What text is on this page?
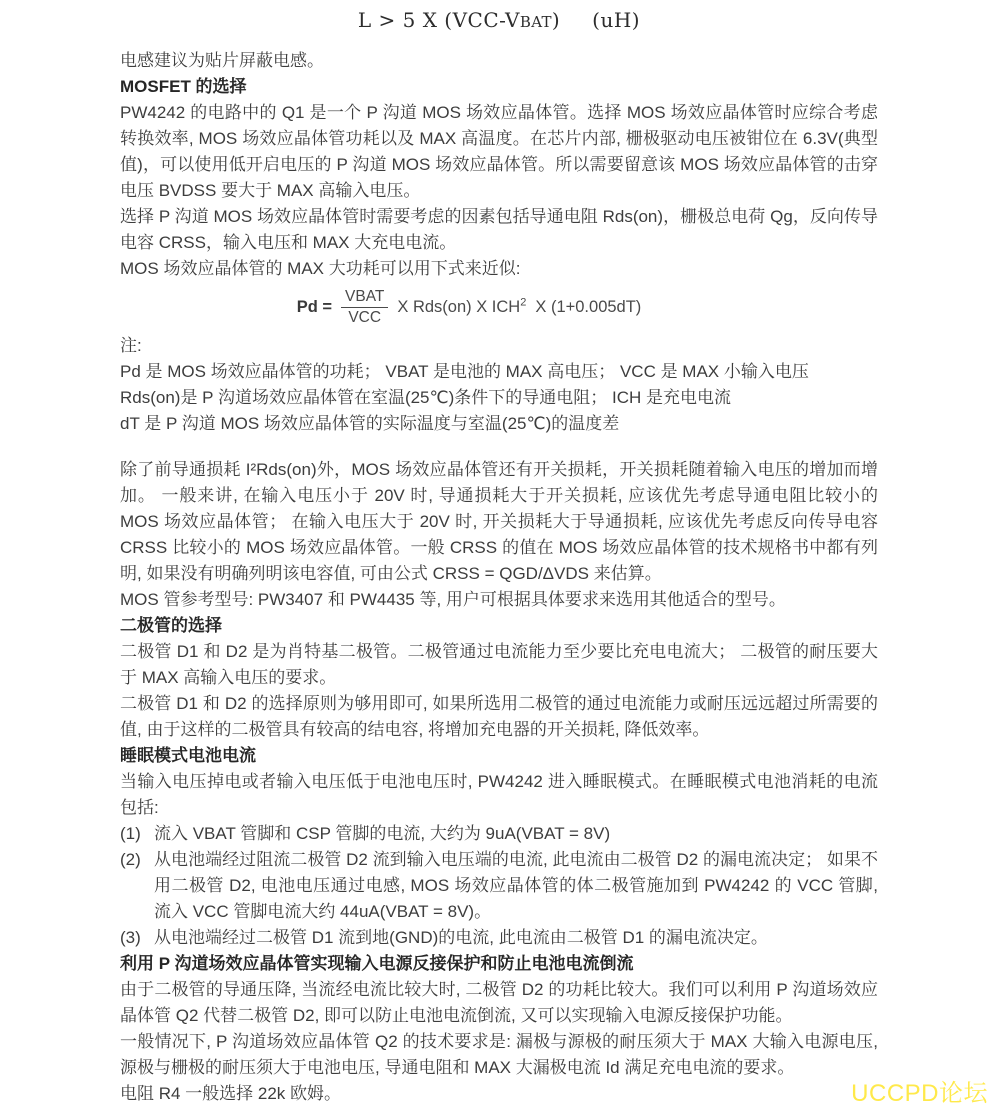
L > 5 X (VCC-VBAT) (uH)
电感建议为贴片屏蔽电感。
MOSFET 的选择
PW4242 的电路中的 Q1 是一个 P 沟道 MOS 场效应晶体管。选择 MOS 场效应晶体管时应综合考虑转换效率, MOS 场效应晶体管功耗以及 MAX 高温度。在芯片内部, 栅极驱动电压被钳位在 6.3V(典型值)，可以使用低开启电压的 P 沟道 MOS 场效应晶体管。所以需要留意该 MOS 场效应晶体管的击穿电压 BVDSS 要大于 MAX 高输入电压。
选择 P 沟道 MOS 场效应晶体管时需要考虑的因素包括导通电阻 Rds(on)，栅极总电荷 Qg，反向传导电容 CRSS，输入电压和 MAX 大充电电流。
MOS 场效应晶体管的 MAX 大功耗可以用下式来近似:
$Pd = \frac{\text{VBAT}}{\text{VCC}}$ X Rds(on) X ICH$^2$ X (1+0.005dT)
注:
Pd 是 MOS 场效应晶体管的功耗； VBAT 是电池的 MAX 高电压； VCC 是 MAX 小输入电压
Rds(on)是 P 沟道场效应晶体管在室温(25℃)条件下的导通电阻； ICH 是充电电流
dT 是 P 沟道 MOS 场效应晶体管的实际温度与室温(25℃)的温度差
除了前导通损耗 I²Rds(on)外，MOS 场效应晶体管还有开关损耗，开关损耗随着输入电压的增加而增加。 一般来讲, 在输入电压小于 20V 时, 导通损耗大于开关损耗, 应该优先考虑导通电阻比较小的 MOS 场效应晶体管； 在输入电压大于 20V 时, 开关损耗大于导通损耗, 应该优先考虑反向传导电容 CRSS 比较小的 MOS 场效应晶体管。一般 CRSS 的值在 MOS 场效应晶体管的技术规格书中都有列明, 如果没有明确列明该电容值, 可由公式 CRSS = QGD/ΔVDS 来估算。
MOS 管参考型号: PW3407 和 PW4435 等, 用户可根据具体要求来选用其他适合的型号。
二极管的选择
二极管 D1 和 D2 是为肖特基二极管。二极管通过电流能力至少要比充电电流大； 二极管的耐压要大于 MAX 高输入电压的要求。
二极管 D1 和 D2 的选择原则为够用即可, 如果所选用二极管的通过电流能力或耐压远远超过所需要的值, 由于这样的二极管具有较高的结电容, 将增加充电器的开关损耗, 降低效率。
睡眠模式电池电流
当输入电压掉电或者输入电压低于电池电压时, PW4242 进入睡眠模式。在睡眠模式电池消耗的电流包括:
(1) 流入 VBAT 管脚和 CSP 管脚的电流, 大约为 9uA(VBAT = 8V)
(2) 从电池端经过阻流二极管 D2 流到输入电压端的电流, 此电流由二极管 D2 的漏电流决定； 如果不用二极管 D2, 电池电压通过电感, MOS 场效应晶体管的体二极管施加到 PW4242 的 VCC 管脚, 流入 VCC 管脚电流大约 44uA(VBAT = 8V)。
(3) 从电池端经过二极管 D1 流到地(GND)的电流, 此电流由二极管 D1 的漏电流决定。
利用 P 沟道场效应晶体管实现输入电源反接保护和防止电池电流倒流
由于二极管的导通压降, 当流经电流比较大时, 二极管 D2 的功耗比较大。我们可以利用 P 沟道场效应晶体管 Q2 代替二极管 D2, 即可以防止电池电流倒流, 又可以实现输入电源反接保护功能。
一般情况下, P 沟道场效应晶体管 Q2 的技术要求是: 漏极与源极的耐压须大于 MAX 大输入电源电压, 源极与栅极的耐压须大于电池电压, 导通电阻和 MAX 大漏极电流 Id 满足充电电流的要求。
电阻 R4 一般选择 22k 欧姆。	UCCPD论坛
